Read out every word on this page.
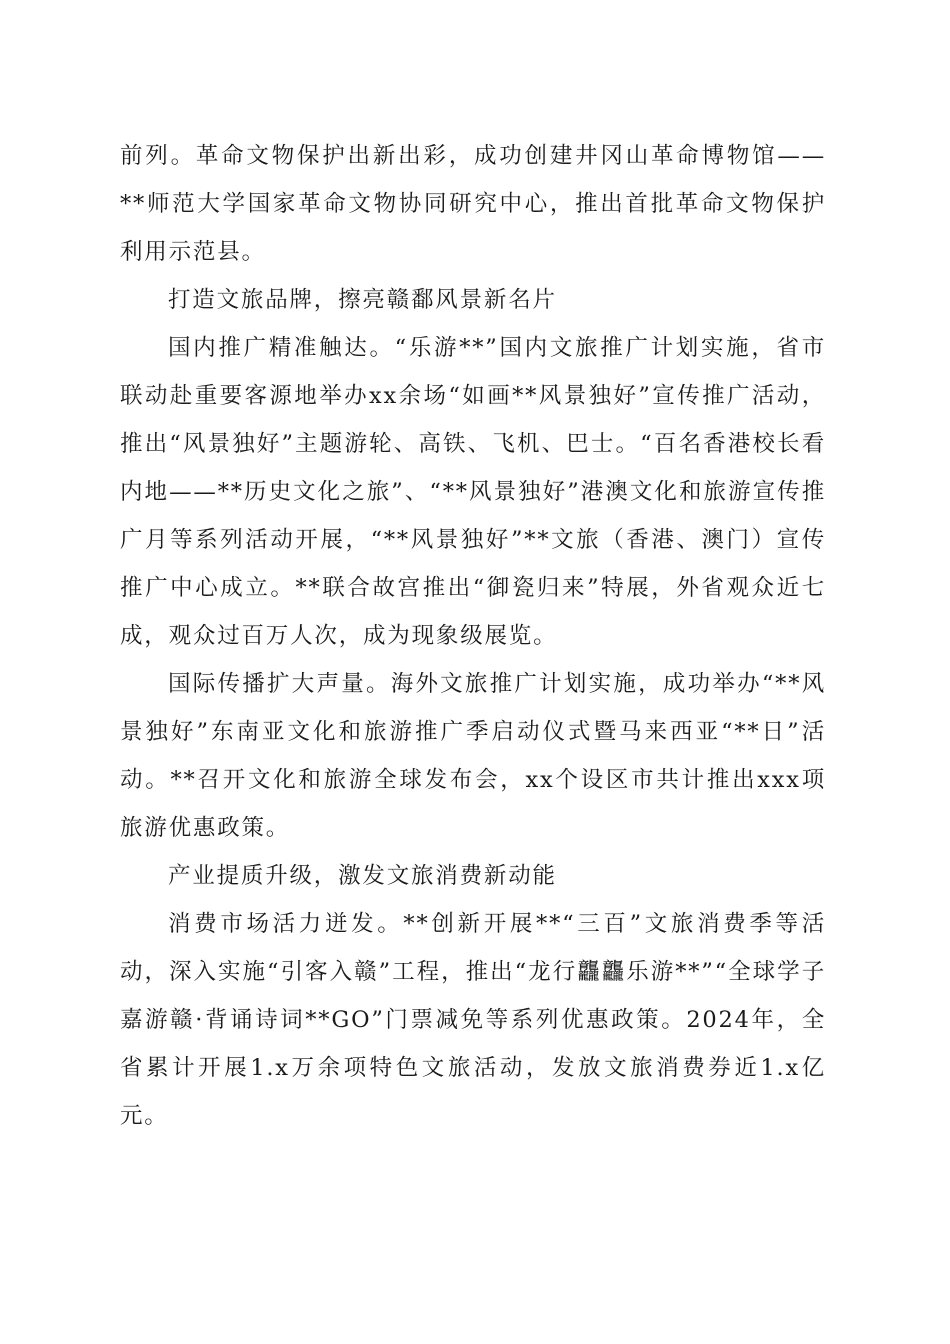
前列。革命文物保护出新出彩，成功创建井冈山革命博物馆——**师范大学国家革命文物协同研究中心，推出首批革命文物保护利用示范县。

打造文旅品牌，擦亮赣鄱风景新名片

国内推广精准触达。“乐游**”国内文旅推广计划实施，省市联动赴重要客源地举办xx余场“如画**风景独好”宣传推广活动，推出“风景独好”主题游轮、高铁、飞机、巴士。“百名香港校长看内地——**历史文化之旅”、“**风景独好”港澳文化和旅游宣传推广月等系列活动开展，“**风景独好”**文旅（香港、澳门）宣传推广中心成立。**联合故宫推出“御瓷归来”特展，外省观众近七成，观众过百万人次，成为现象级展览。

国际传播扩大声量。海外文旅推广计划实施，成功举办“**风景独好”东南亚文化和旅游推广季启动仪式暨马来西亚“**日”活动。**召开文化和旅游全球发布会，xx个设区市共计推出xxx项旅游优惠政策。

产业提质升级，激发文旅消费新动能

消费市场活力迸发。**创新开展**“三百”文旅消费季等活动，深入实施“引客入赣”工程，推出“龙行龘龘乐游**”“全球学子嘉游赣·背诵诗词**GO”门票减免等系列优惠政策。2024年，全省累计开展1.x万余项特色文旅活动，发放文旅消费券近1.x亿元。
